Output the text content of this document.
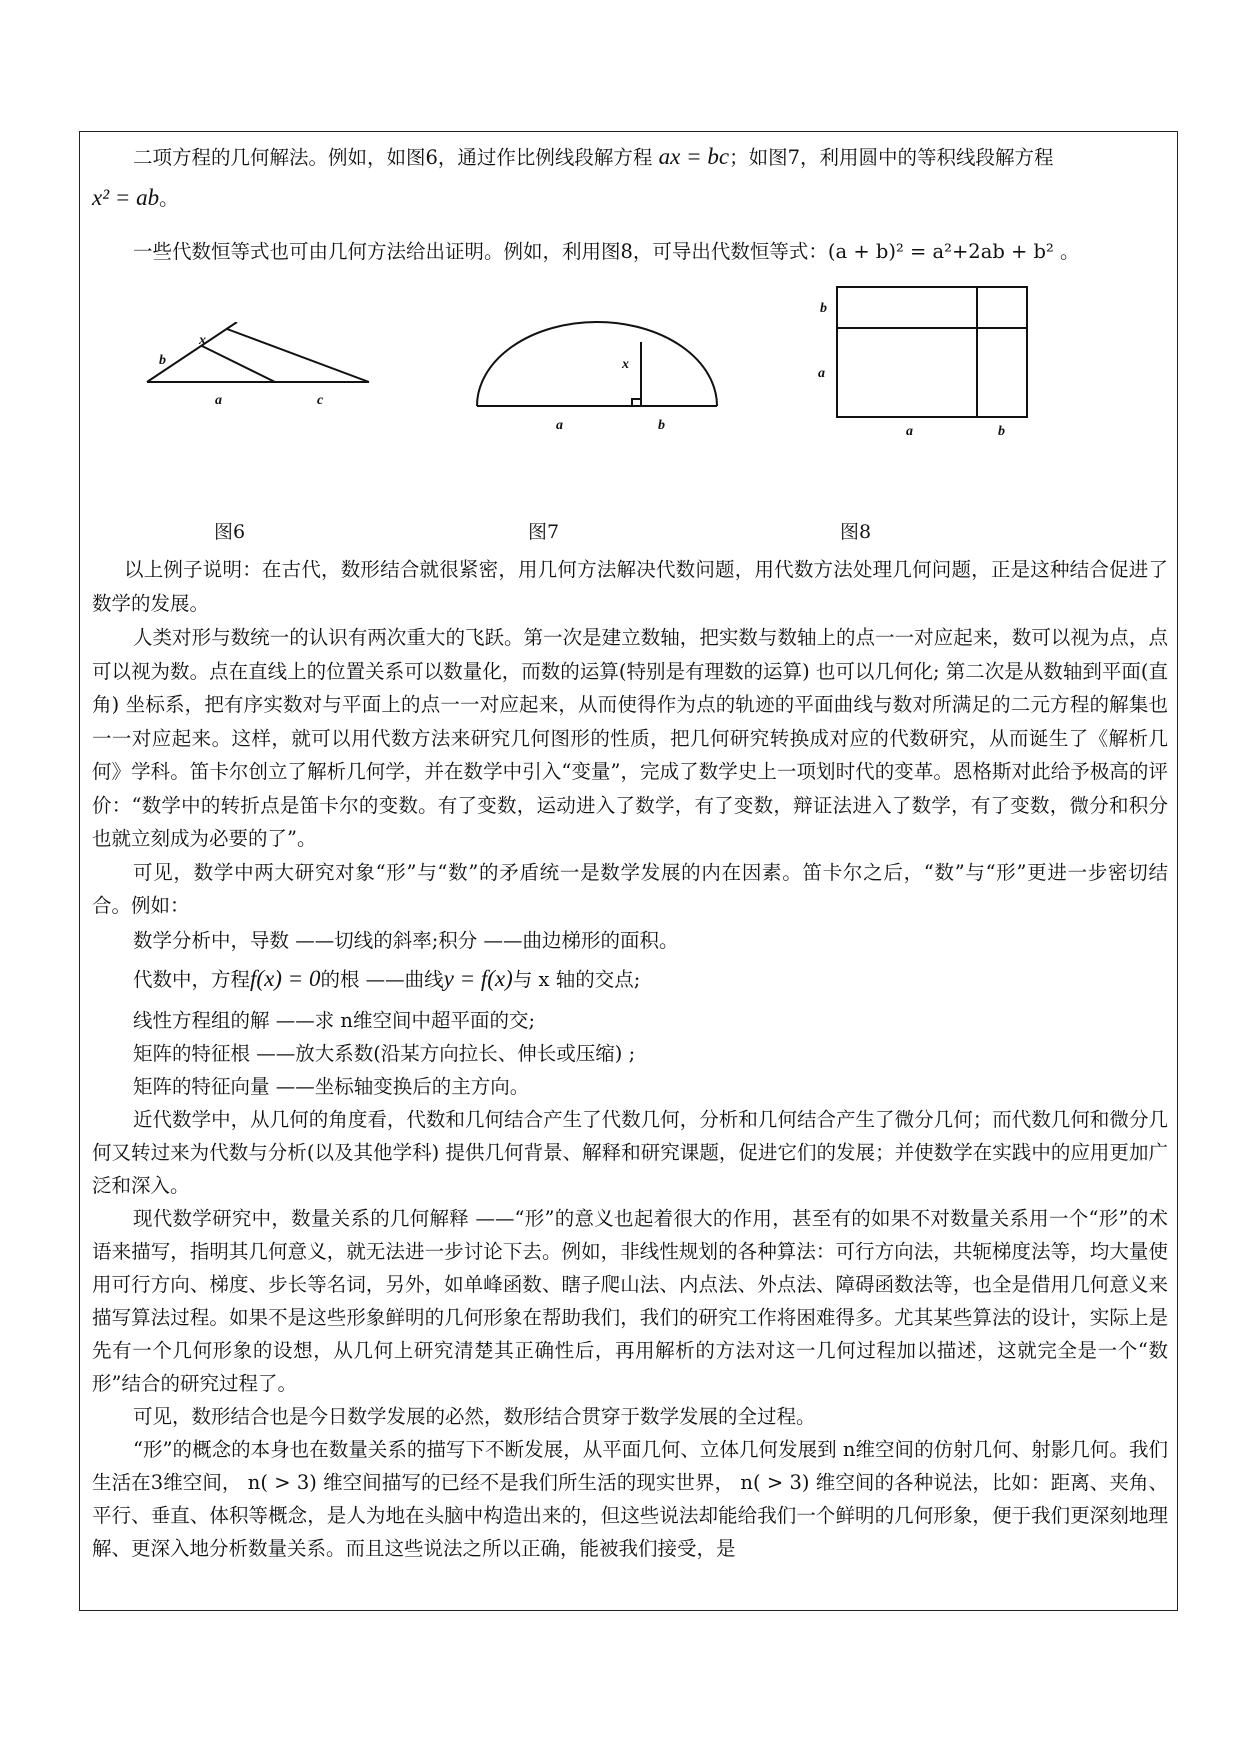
二项方程的几何解法。例如，如图6，通过作比例线段解方程 ax = bc；如图7，利用圆中的等积线段解方程

x² = ab。

一些代数恒等式也可由几何方法给出证明。例如，利用图8，可导出代数恒等式：(a + b)² = a²+2ab + b² 。

x
b
a	c
x
a	b
b
a
a	b
图6	图7	图8

以上例子说明：在古代，数形结合就很紧密，用几何方法解决代数问题，用代数方法处理几何问题，正是这种结合促进了数学的发展。

人类对形与数统一的认识有两次重大的飞跃。第一次是建立数轴，把实数与数轴上的点一一对应起来，数可以视为点，点可以视为数。点在直线上的位置关系可以数量化，而数的运算(特别是有理数的运算) 也可以几何化; 第二次是从数轴到平面(直角) 坐标系，把有序实数对与平面上的点一一对应起来，从而使得作为点的轨迹的平面曲线与数对所满足的二元方程的解集也一一对应起来。这样，就可以用代数方法来研究几何图形的性质，把几何研究转换成对应的代数研究，从而诞生了《解析几何》学科。笛卡尔创立了解析几何学，并在数学中引入“变量”，完成了数学史上一项划时代的变革。恩格斯对此给予极高的评价：“数学中的转折点是笛卡尔的变数。有了变数，运动进入了数学，有了变数，辩证法进入了数学，有了变数，微分和积分也就立刻成为必要的了”。

可见，数学中两大研究对象“形”与“数”的矛盾统一是数学发展的内在因素。笛卡尔之后，“数”与“形”更进一步密切结合。例如：

数学分析中，导数 ——切线的斜率;积分 ——曲边梯形的面积。

代数中，方程f(x) = 0的根 ——曲线y = f(x)与 x 轴的交点;

线性方程组的解 ——求 n维空间中超平面的交;

矩阵的特征根 ——放大系数(沿某方向拉长、伸长或压缩) ;

矩阵的特征向量 ——坐标轴变换后的主方向。

近代数学中，从几何的角度看，代数和几何结合产生了代数几何，分析和几何结合产生了微分几何；而代数几何和微分几何又转过来为代数与分析(以及其他学科) 提供几何背景、解释和研究课题，促进它们的发展；并使数学在实践中的应用更加广泛和深入。

现代数学研究中，数量关系的几何解释 ——“形”的意义也起着很大的作用，甚至有的如果不对数量关系用一个“形”的术语来描写，指明其几何意义，就无法进一步讨论下去。例如，非线性规划的各种算法：可行方向法，共轭梯度法等，均大量使用可行方向、梯度、步长等名词，另外，如单峰函数、瞎子爬山法、内点法、外点法、障碍函数法等，也全是借用几何意义来描写算法过程。如果不是这些形象鲜明的几何形象在帮助我们，我们的研究工作将困难得多。尤其某些算法的设计，实际上是先有一个几何形象的设想，从几何上研究清楚其正确性后，再用解析的方法对这一几何过程加以描述，这就完全是一个“数形”结合的研究过程了。

可见，数形结合也是今日数学发展的必然，数形结合贯穿于数学发展的全过程。

“形”的概念的本身也在数量关系的描写下不断发展，从平面几何、立体几何发展到 n维空间的仿射几何、射影几何。我们生活在3维空间， n( > 3) 维空间描写的已经不是我们所生活的现实世界， n( > 3) 维空间的各种说法，比如：距离、夹角、平行、垂直、体积等概念，是人为地在头脑中构造出来的，但这些说法却能给我们一个鲜明的几何形象，便于我们更深刻地理解、更深入地分析数量关系。而且这些说法之所以正确，能被我们接受，是
